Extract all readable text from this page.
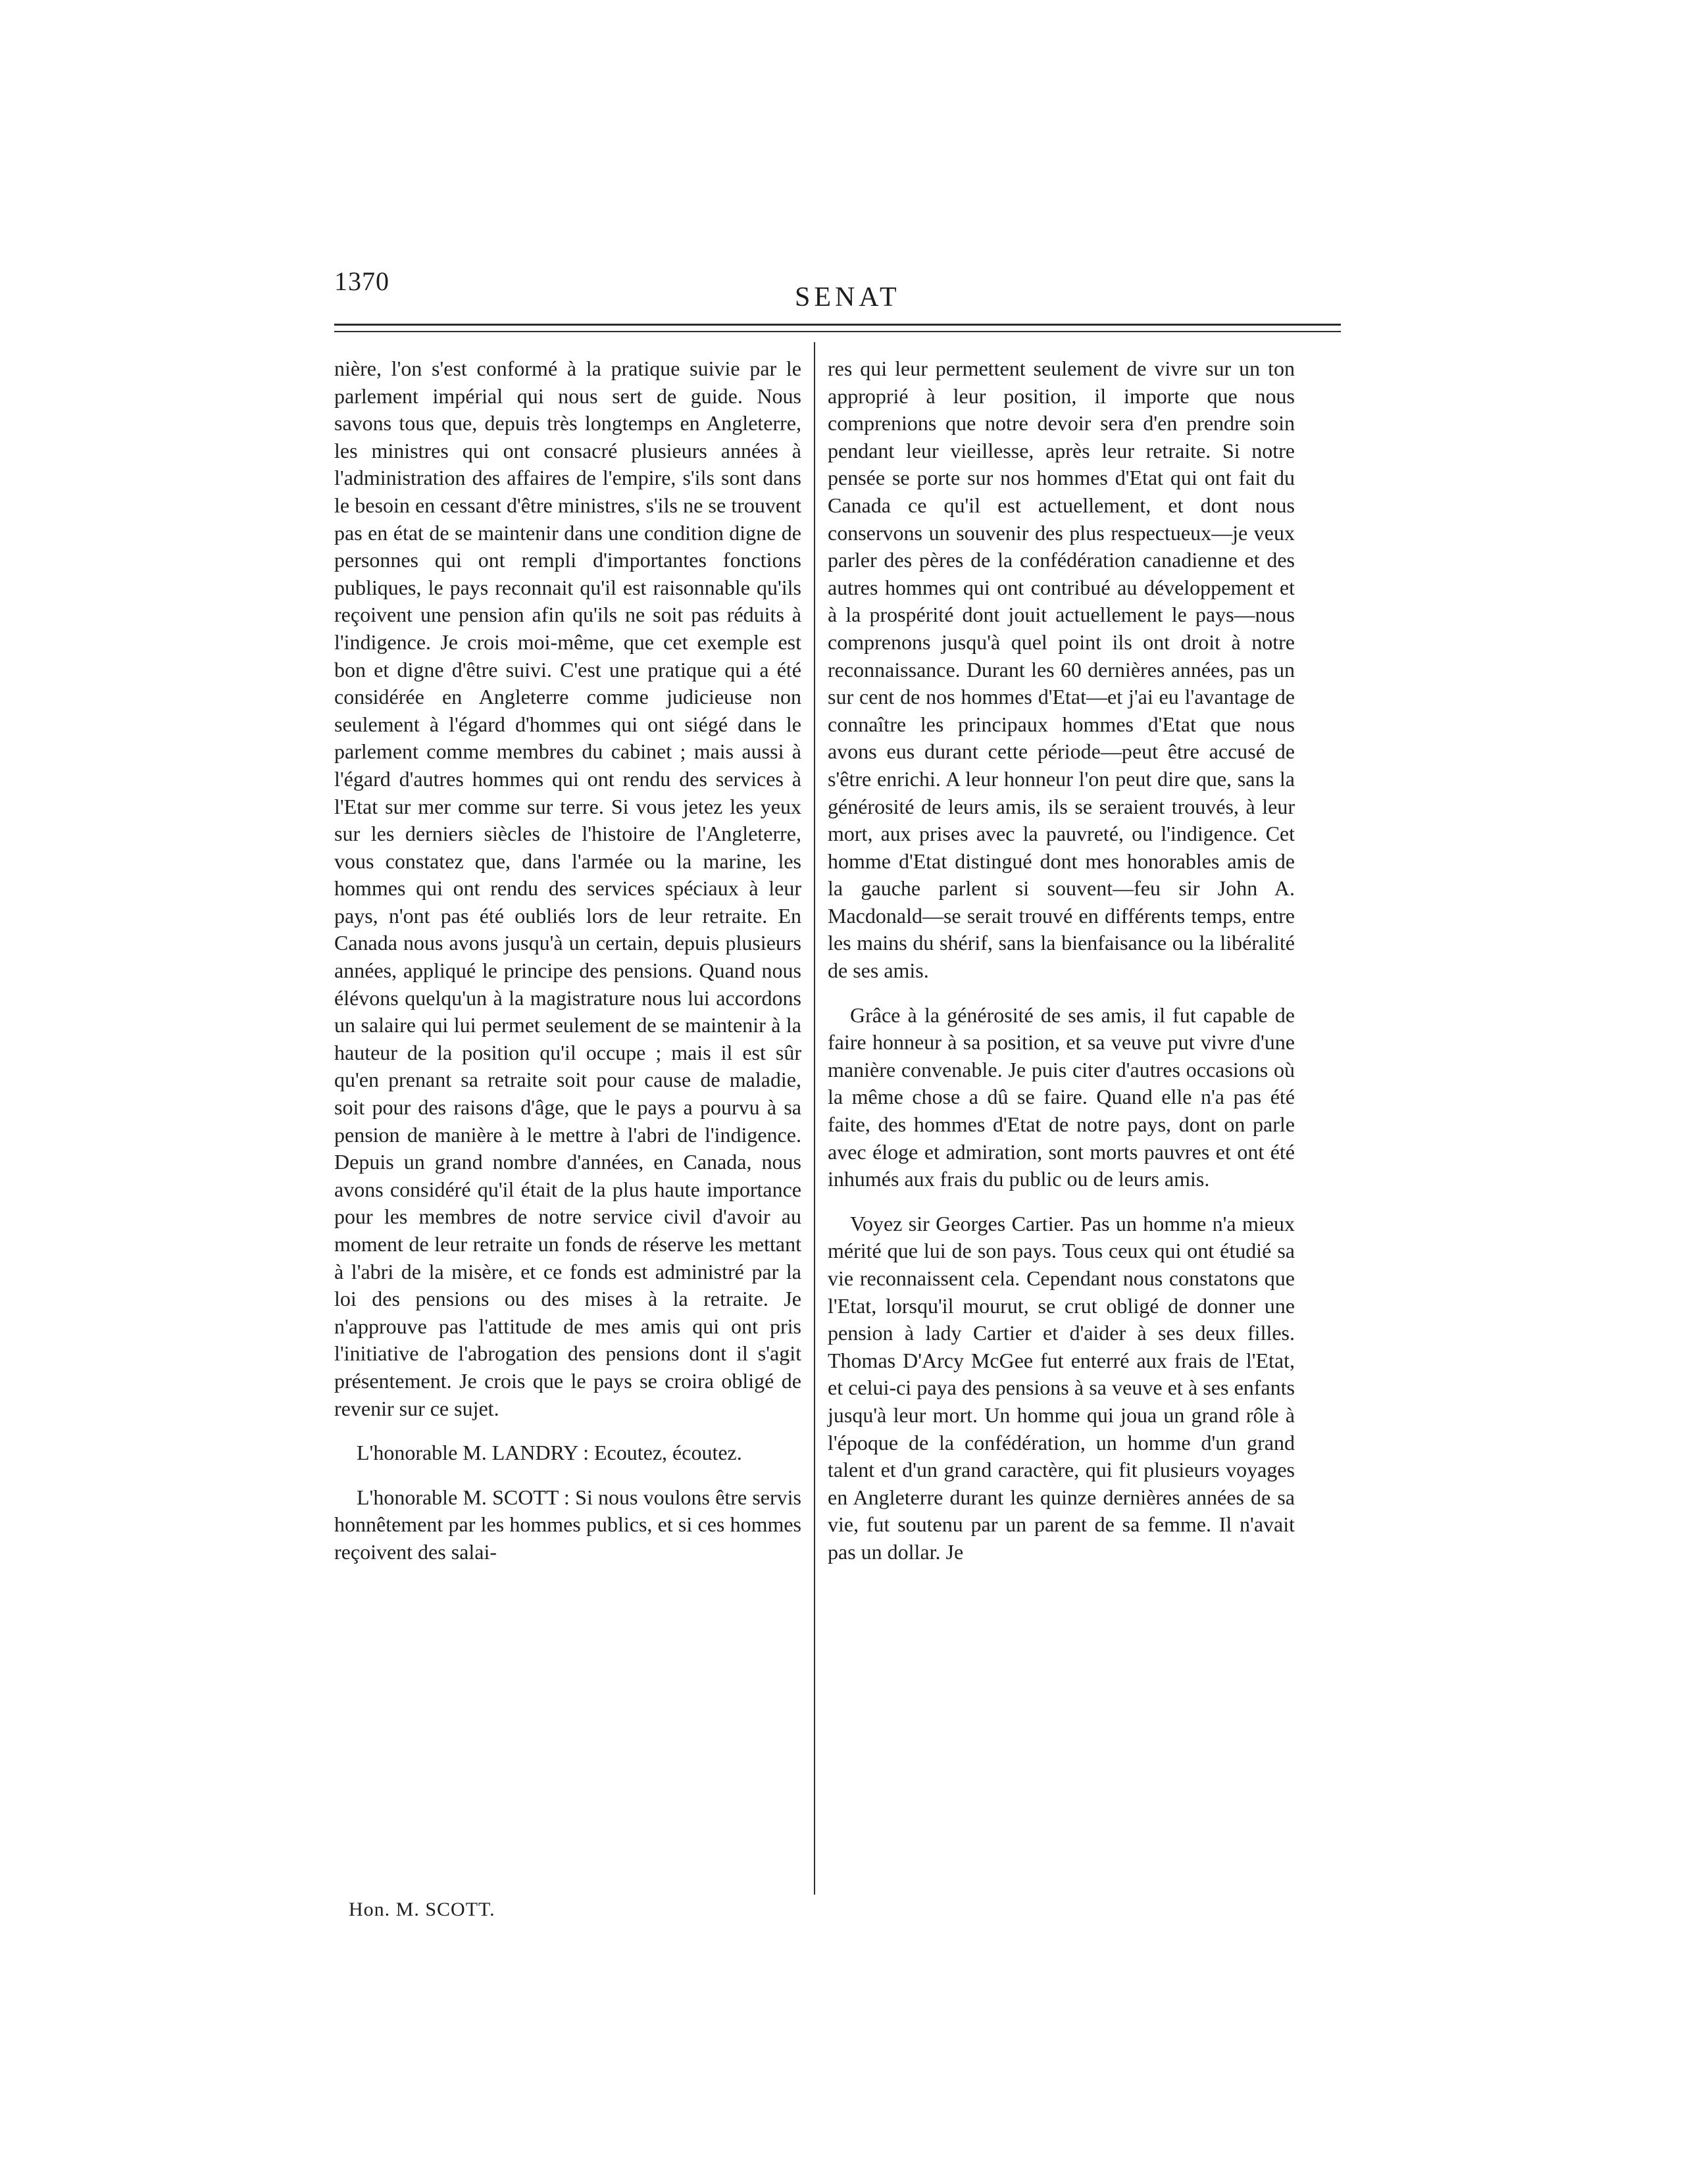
1370
SENAT

nière, l'on s'est conformé à la pratique suivie par le parlement impérial qui nous sert de guide. Nous savons tous que, depuis très longtemps en Angleterre, les ministres qui ont consacré plusieurs années à l'administration des affaires de l'empire, s'ils sont dans le besoin en cessant d'être ministres, s'ils ne se trouvent pas en état de se maintenir dans une condition digne de personnes qui ont rempli d'importantes fonctions publiques, le pays reconnait qu'il est raisonnable qu'ils reçoivent une pension afin qu'ils ne soit pas réduits à l'indigence. Je crois moi-même, que cet exemple est bon et digne d'être suivi. C'est une pratique qui a été considérée en Angleterre comme judicieuse non seulement à l'égard d'hommes qui ont siégé dans le parlement comme membres du cabinet ; mais aussi à l'égard d'autres hommes qui ont rendu des services à l'Etat sur mer comme sur terre. Si vous jetez les yeux sur les derniers siècles de l'histoire de l'Angleterre, vous constatez que, dans l'armée ou la marine, les hommes qui ont rendu des services spéciaux à leur pays, n'ont pas été oubliés lors de leur retraite. En Canada nous avons jusqu'à un certain, depuis plusieurs années, appliqué le principe des pensions. Quand nous élévons quelqu'un à la magistrature nous lui accordons un salaire qui lui permet seulement de se maintenir à la hauteur de la position qu'il occupe ; mais il est sûr qu'en prenant sa retraite soit pour cause de maladie, soit pour des raisons d'âge, que le pays a pourvu à sa pension de manière à le mettre à l'abri de l'indigence. Depuis un grand nombre d'années, en Canada, nous avons considéré qu'il était de la plus haute importance pour les membres de notre service civil d'avoir au moment de leur retraite un fonds de réserve les mettant à l'abri de la misère, et ce fonds est administré par la loi des pensions ou des mises à la retraite. Je n'approuve pas l'attitude de mes amis qui ont pris l'initiative de l'abrogation des pensions dont il s'agit présentement. Je crois que le pays se croira obligé de revenir sur ce sujet.

L'honorable M. LANDRY : Ecoutez, écoutez.

L'honorable M. SCOTT : Si nous voulons être servis honnêtement par les hommes publics, et si ces hommes reçoivent des salai-

res qui leur permettent seulement de vivre sur un ton approprié à leur position, il importe que nous comprenions que notre devoir sera d'en prendre soin pendant leur vieillesse, après leur retraite. Si notre pensée se porte sur nos hommes d'Etat qui ont fait du Canada ce qu'il est actuellement, et dont nous conservons un souvenir des plus respectueux—je veux parler des pères de la confédération canadienne et des autres hommes qui ont contribué au développement et à la prospérité dont jouit actuellement le pays—nous comprenons jusqu'à quel point ils ont droit à notre reconnaissance. Durant les 60 dernières années, pas un sur cent de nos hommes d'Etat—et j'ai eu l'avantage de connaître les principaux hommes d'Etat que nous avons eus durant cette période—peut être accusé de s'être enrichi. A leur honneur l'on peut dire que, sans la générosité de leurs amis, ils se seraient trouvés, à leur mort, aux prises avec la pauvreté, ou l'indigence. Cet homme d'Etat distingué dont mes honorables amis de la gauche parlent si souvent—feu sir John A. Macdonald—se serait trouvé en différents temps, entre les mains du shérif, sans la bienfaisance ou la libéralité de ses amis.

Grâce à la générosité de ses amis, il fut capable de faire honneur à sa position, et sa veuve put vivre d'une manière convenable. Je puis citer d'autres occasions où la même chose a dû se faire. Quand elle n'a pas été faite, des hommes d'Etat de notre pays, dont on parle avec éloge et admiration, sont morts pauvres et ont été inhumés aux frais du public ou de leurs amis.

Voyez sir Georges Cartier. Pas un homme n'a mieux mérité que lui de son pays. Tous ceux qui ont étudié sa vie reconnaissent cela. Cependant nous constatons que l'Etat, lorsqu'il mourut, se crut obligé de donner une pension à lady Cartier et d'aider à ses deux filles. Thomas D'Arcy McGee fut enterré aux frais de l'Etat, et celui-ci paya des pensions à sa veuve et à ses enfants jusqu'à leur mort. Un homme qui joua un grand rôle à l'époque de la confédération, un homme d'un grand talent et d'un grand caractère, qui fit plusieurs voyages en Angleterre durant les quinze dernières années de sa vie, fut soutenu par un parent de sa femme. Il n'avait pas un dollar. Je

Hon. M. SCOTT.
